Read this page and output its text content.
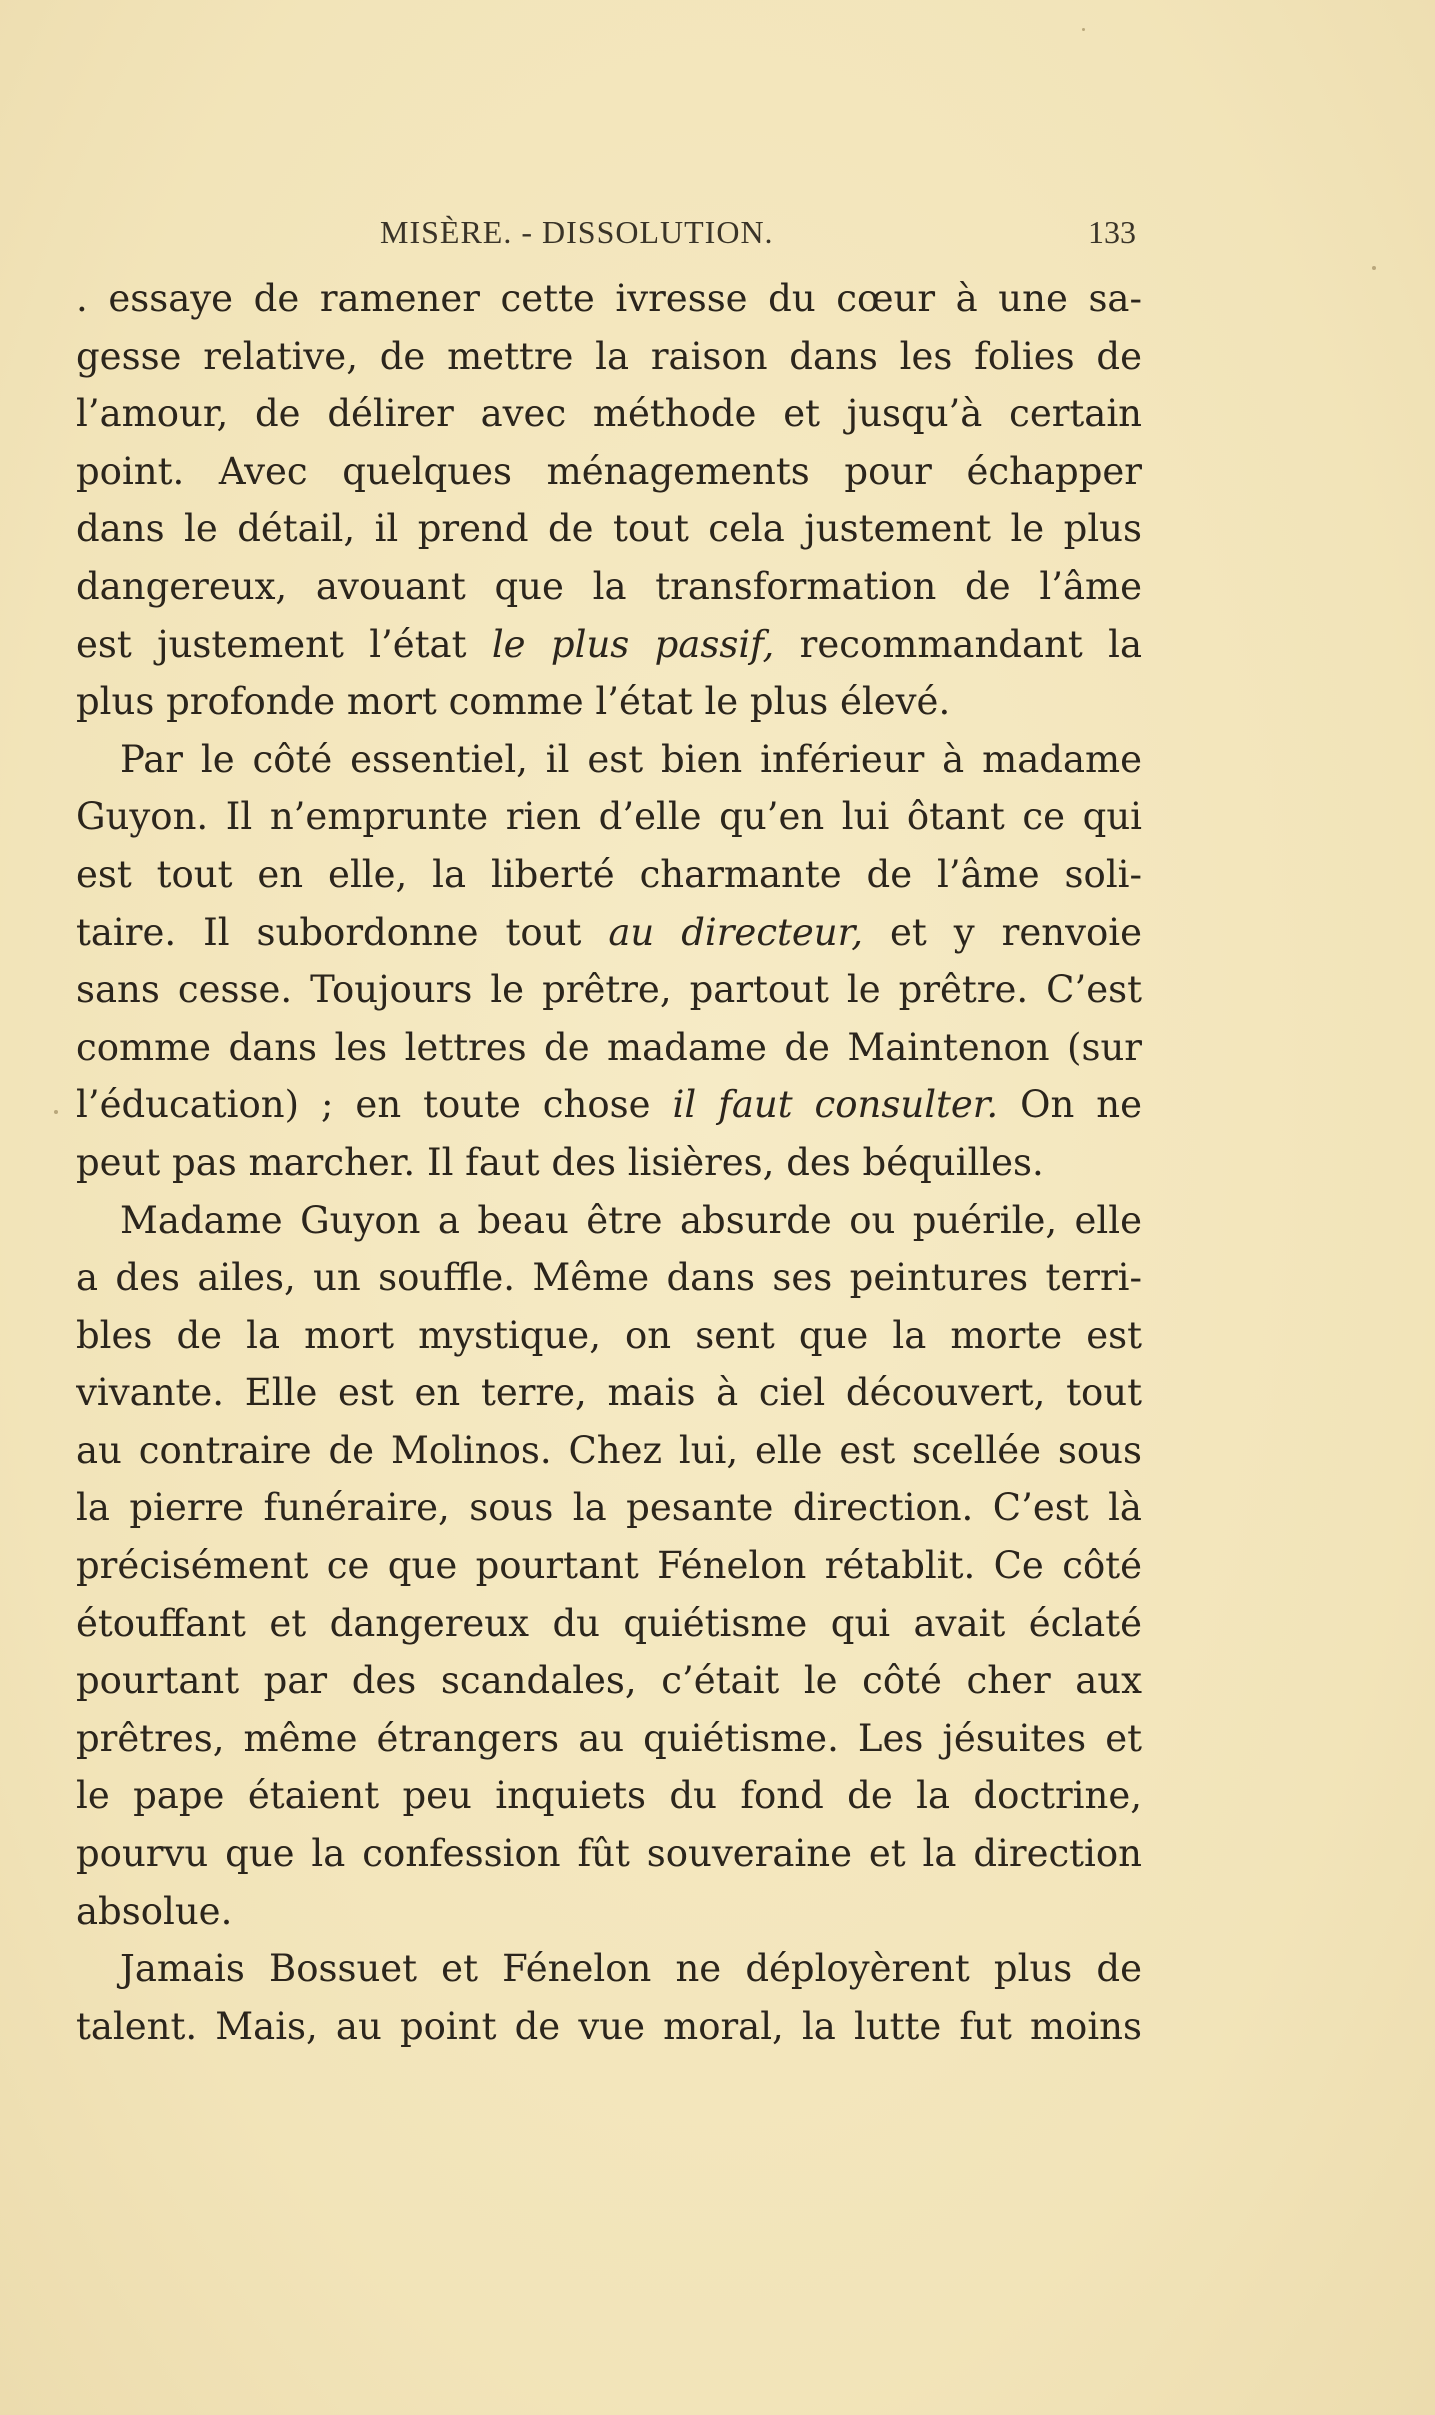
MISÈRE. - DISSOLUTION.	133
. essaye de ramener cette ivresse du cœur à une sa-
gesse relative, de mettre la raison dans les folies de
l’amour, de délirer avec méthode et jusqu’à certain
point. Avec quelques ménagements pour échapper
dans le détail, il prend de tout cela justement le plus
dangereux, avouant que la transformation de l’âme
est justement l’état le plus passif, recommandant la
plus profonde mort comme l’état le plus élevé.
Par le côté essentiel, il est bien inférieur à madame
Guyon. Il n’emprunte rien d’elle qu’en lui ôtant ce qui
est tout en elle, la liberté charmante de l’âme soli-
taire. Il subordonne tout au directeur, et y renvoie
sans cesse. Toujours le prêtre, partout le prêtre. C’est
comme dans les lettres de madame de Maintenon (sur
l’éducation) ; en toute chose il faut consulter. On ne
peut pas marcher. Il faut des lisières, des béquilles.
Madame Guyon a beau être absurde ou puérile, elle
a des ailes, un souffle. Même dans ses peintures terri-
bles de la mort mystique, on sent que la morte est
vivante. Elle est en terre, mais à ciel découvert, tout
au contraire de Molinos. Chez lui, elle est scellée sous
la pierre funéraire, sous la pesante direction. C’est là
précisément ce que pourtant Fénelon rétablit. Ce côté
étouffant et dangereux du quiétisme qui avait éclaté
pourtant par des scandales, c’était le côté cher aux
prêtres, même étrangers au quiétisme. Les jésuites et
le pape étaient peu inquiets du fond de la doctrine,
pourvu que la confession fût souveraine et la direction
absolue.
Jamais Bossuet et Fénelon ne déployèrent plus de
talent. Mais, au point de vue moral, la lutte fut moins
